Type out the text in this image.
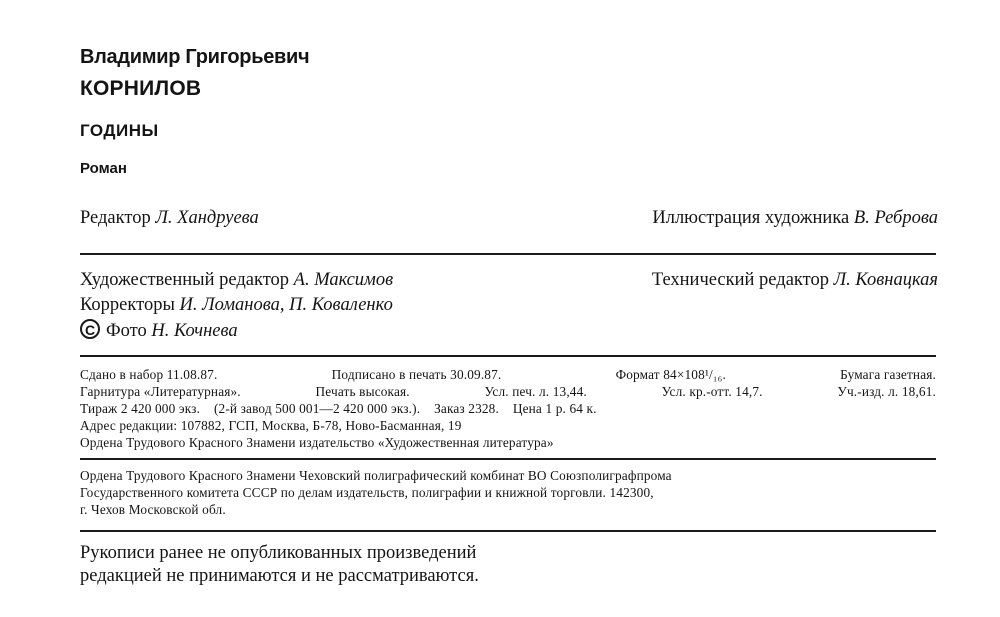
Владимир Григорьевич
КОРНИЛОВ
ГОДИНЫ
Роман
Редактор Л. Хандруева	Иллюстрация художника В. Реброва
Художественный редактор А. Максимов	Технический редактор Л. Ковнацкая
Корректоры И. Ломанова, П. Коваленко
С Фото Н. Кочнева
Сдано в набор 11.08.87.	Подписано в печать 30.09.87.	Формат 84×108¹/₁₆.	Бумага газетная.
Гарнитура «Литературная».	Печать высокая.	Усл. печ. л. 13,44.	Усл. кр.-отт. 14,7.	Уч.-изд. л. 18,61.
Тираж 2 420 000 экз.    (2-й завод 500 001—2 420 000 экз.).    Заказ 2328.    Цена 1 р. 64 к.
Адрес редакции: 107882, ГСП, Москва, Б-78, Ново-Басманная, 19
Ордена Трудового Красного Знамени издательство «Художественная литература»
Ордена Трудового Красного Знамени Чеховский полиграфический комбинат ВО Союзполиграфпрома
Государственного комитета СССР по делам издательств, полиграфии и книжной торговли. 142300,
г. Чехов Московской обл.
Рукописи ранее не опубликованных произведений
редакцией не принимаются и не рассматриваются.
